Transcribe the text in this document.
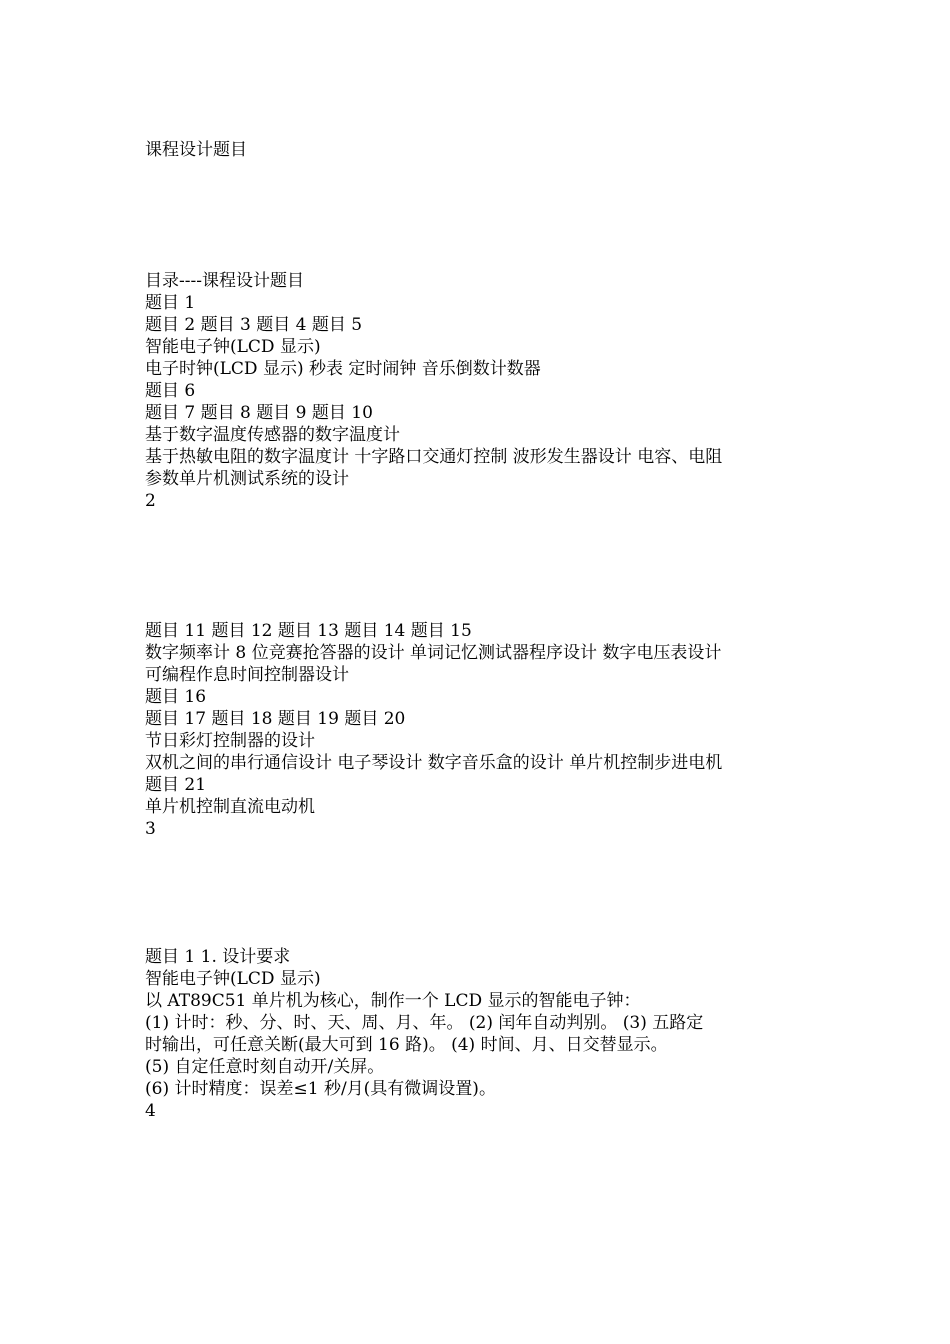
课程设计题目
目录----课程设计题目
题目 1
题目 2 题目 3 题目 4 题目 5
智能电子钟(LCD 显示)
电子时钟(LCD 显示) 秒表 定时闹钟 音乐倒数计数器
题目 6
题目 7 题目 8 题目 9 题目 10
基于数字温度传感器的数字温度计
基于热敏电阻的数字温度计 十字路口交通灯控制 波形发生器设计 电容、电阻
参数单片机测试系统的设计
2
题目 11 题目 12 题目 13 题目 14 题目 15
数字频率计 8 位竞赛抢答器的设计 单词记忆测试器程序设计 数字电压表设计
可编程作息时间控制器设计
题目 16
题目 17 题目 18 题目 19 题目 20
节日彩灯控制器的设计
双机之间的串行通信设计 电子琴设计 数字音乐盒的设计 单片机控制步进电机
题目 21
单片机控制直流电动机
3
题目 1 1. 设计要求
智能电子钟(LCD 显示)
以 AT89C51 单片机为核心，制作一个 LCD 显示的智能电子钟：
(1) 计时：秒、分、时、天、周、月、年。 (2) 闰年自动判别。 (3) 五路定
时输出，可任意关断(最大可到 16 路)。 (4) 时间、月、日交替显示。
(5) 自定任意时刻自动开/关屏。
(6) 计时精度：误差≤1 秒/月(具有微调设置)。
4
